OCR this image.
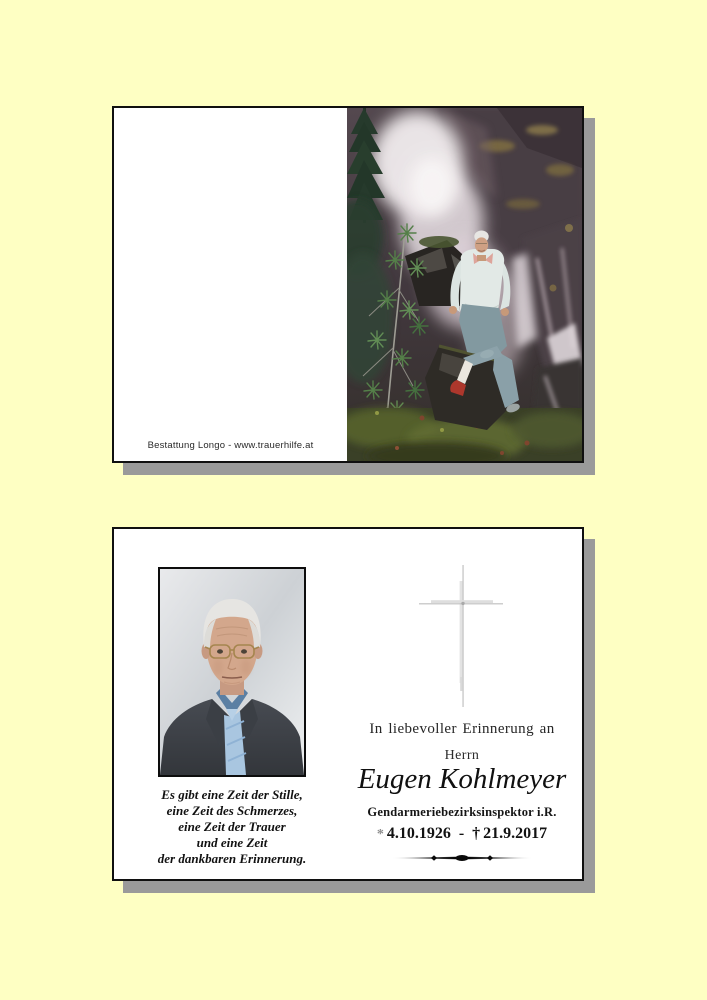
Bestattung Longo - www.trauerhilfe.at
Es gibt eine Zeit der Stille,
eine Zeit des Schmerzes,
eine Zeit der Trauer
und eine Zeit
der dankbaren Erinnerung.
In liebevoller Erinnerung an
Herrn
Eugen Kohlmeyer
Gendarmeriebezirksinspektor i.R.
* 4.10.1926 - † 21.9.2017
